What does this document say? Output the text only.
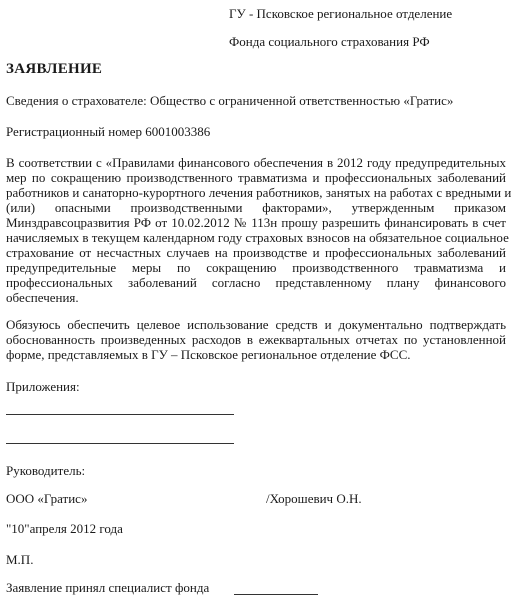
ГУ - Псковское региональное отделение
Фонда социального страхования РФ
ЗАЯВЛЕНИЕ
Сведения о страхователе: Общество с ограниченной ответственностью «Гратис»
Регистрационный номер 6001003386
В соответствии с «Правилами финансового обеспечения в 2012 году предупредительных
мер по сокращению производственного травматизма и профессиональных заболеваний
работников и санаторно-курортного лечения работников, занятых на работах с вредными и
(или) опасными производственными факторами», утвержденным приказом
Минздравсоцразвития РФ от 10.02.2012 № 113н прошу разрешить финансировать в счет
начисляемых в текущем календарном году страховых взносов на обязательное социальное
страхование от несчастных случаев на производстве и профессиональных заболеваний
предупредительные меры по сокращению производственного травматизма и
профессиональных заболеваний согласно представленному плану финансового
обеспечения.
Обязуюсь обеспечить целевое использование средств и документально подтверждать
обоснованность произведенных расходов в ежеквартальных отчетах по установленной
форме, представляемых в ГУ – Псковское региональное отделение ФСС.
Приложения:
Руководитель:
ООО «Гратис»	/Хорошевич О.Н.
"10"апреля 2012 года
М.П.
Заявление принял специалист фонда
